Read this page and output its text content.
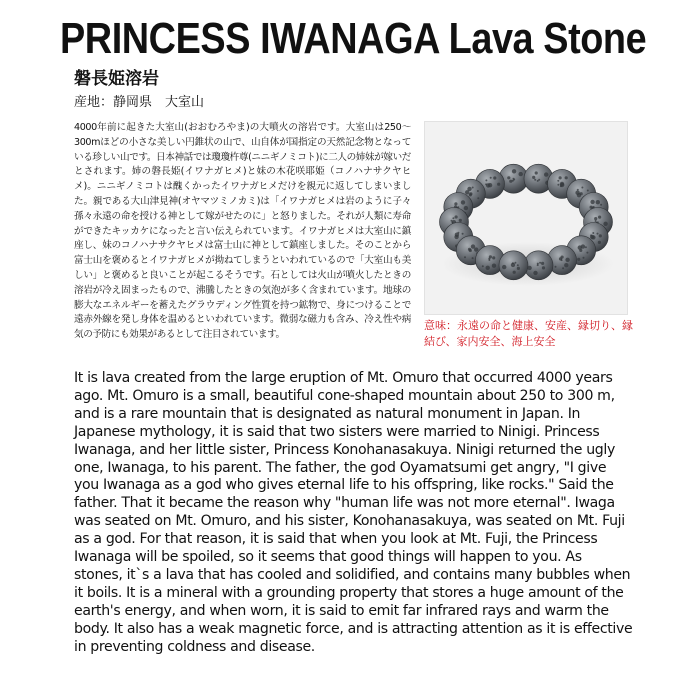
PRINCESS IWANAGA Lava Stone
磐長姫溶岩
産地：静岡県　大室山
4000年前に起きた大室山(おおむろやま)の大噴火の溶岩です。大室山は250～300mほどの小さな美しい円錐状の山で、山自体が国指定の天然記念物となっている珍しい山です。日本神話では瓊瓊杵尊(ニニギノミコト)に二人の姉妹が嫁いだとされます。姉の磐長姫(イワナガヒメ)と妹の木花咲耶姫（コノハナサクヤヒメ)。ニニギノミコトは醜くかったイワナガヒメだけを親元に返してしまいました。親である大山津見神(オヤマツミノカミ)は「イワナガヒメは岩のように子々孫々永遠の命を授ける神として嫁がせたのに」と怒りました。それが人類に寿命ができたキッカケになったと言い伝えられています。イワナガヒメは大室山に鎮座し、妹のコノハナサクヤヒメは富士山に神として鎮座しました。そのことから富士山を褒めるとイワナガヒメが拗ねてしまうといわれているので「大室山も美しい」と褒めると良いことが起こるそうです。石としては火山が噴火したときの溶岩が冷え固まったもので、沸騰したときの気泡が多く含まれています。地球の膨大なエネルギーを蓄えたグラウディング性質を持つ鉱物で、身につけることで遠赤外線を発し身体を温めるといわれています。微弱な磁力も含み、冷え性や病気の予防にも効果があるとして注目されています。
意味：永遠の命と健康、安産、縁切り、縁結び、家内安全、海上安全
It is lava created from the large eruption of Mt. Omuro that occurred 4000 years ago. Mt. Omuro is a small, beautiful cone-shaped mountain about 250 to 300 m, and is a rare mountain that is designated as natural monument in Japan. In Japanese mythology, it is said that two sisters were married to Ninigi. Princess Iwanaga, and her little sister, Princess Konohanasakuya. Ninigi returned the ugly one, Iwanaga, to his parent. The father, the god Oyamatsumi get angry, "I give you Iwanaga as a god who gives eternal life to his offspring, like rocks." Said the father. That it became the reason why "human life was not more eternal". Iwaga was seated on Mt. Omuro, and his sister, Konohanasakuya, was seated on Mt. Fuji as a god. For that reason, it is said that when you look at Mt. Fuji, the Princess Iwanaga will be spoiled, so it seems that good things will happen to you. As stones, it`s a lava that has cooled and solidified, and contains many bubbles when it boils. It is a mineral with a grounding property that stores a huge amount of the earth's energy, and when worn, it is said to emit far infrared rays and warm the body. It also has a weak magnetic force, and is attracting attention as it is effective in preventing coldness and disease.
